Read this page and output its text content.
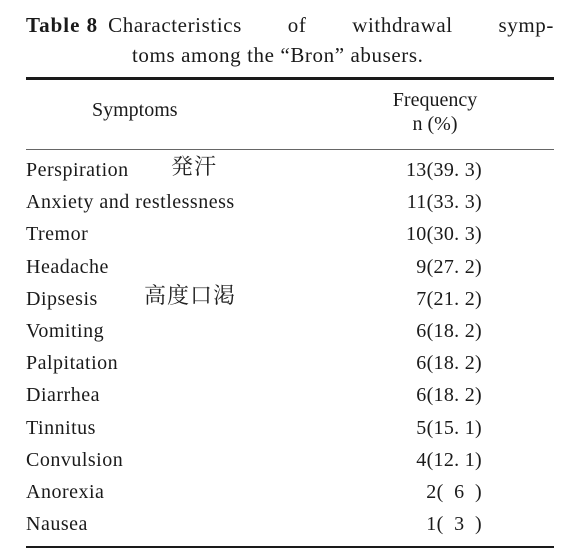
Table 8 Characteristics of withdrawal symp-
toms among the “Bron” abusers.
Symptoms	Frequency
n (%)
Perspiration 発汗	13(39. 3)
Anxiety and restlessness	11(33. 3)
Tremor	10(30. 3)
Headache	9(27. 2)
Dipsesis 高度口渇	7(21. 2)
Vomiting	6(18. 2)
Palpitation	6(18. 2)
Diarrhea	6(18. 2)
Tinnitus	5(15. 1)
Convulsion	4(12. 1)
Anorexia	2(  6  )
Nausea	1(  3  )
